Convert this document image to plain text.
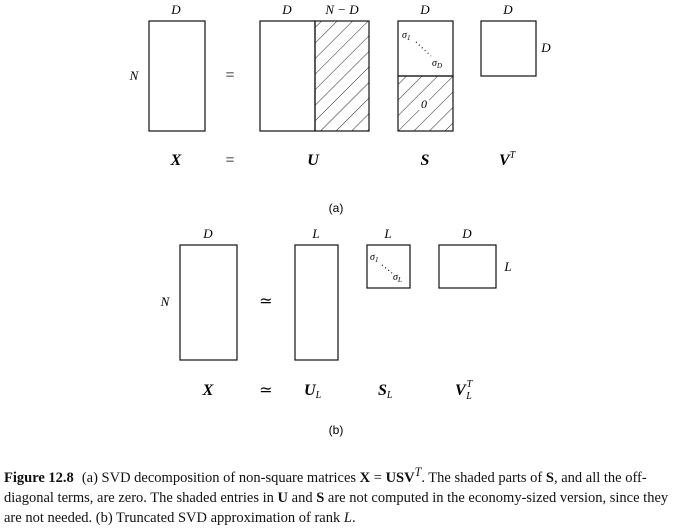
D
N	=
D	N − D	D
$\sigma_1$
$\sigma_D$
0
D
D
X	=	U	S	$V^T$
(a)
D
N	≃
L	L
$\sigma_1$
$\sigma_L$
D
L
X	≃ UL	SL	$V^T$ L
(b)
Figure 12.8 (a) SVD decomposition of non-square matrices $X = USV^T$. The shaded parts of S, and all the off-diagonal terms, are zero. The shaded entries in U and S are not computed in the economy-sized version, since they are not needed. (b) Truncated SVD approximation of rank L.
